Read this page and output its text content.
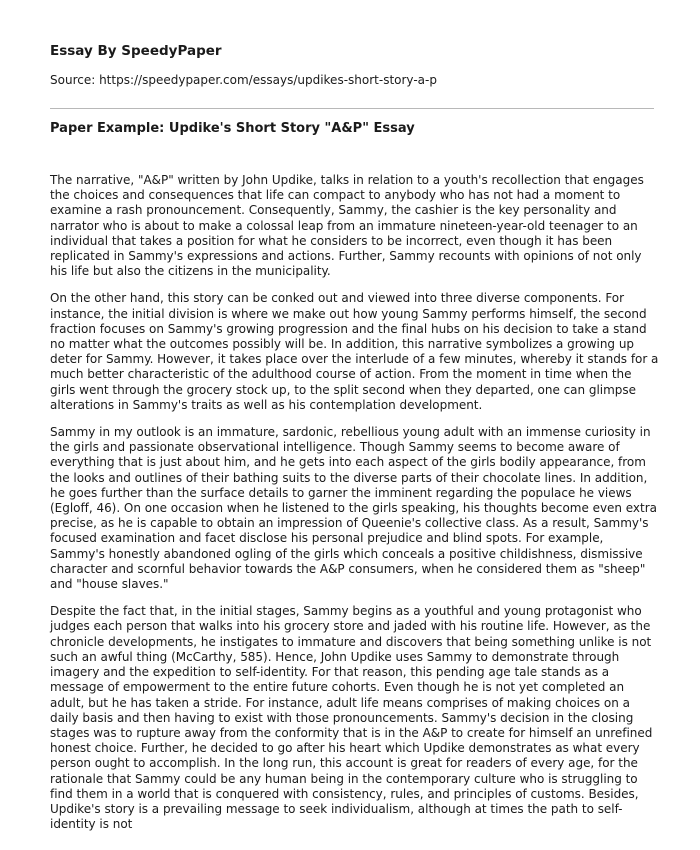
Essay By SpeedyPaper

Source: https://speedypaper.com/essays/updikes-short-story-a-p

Paper Example: Updike's Short Story "A&P" Essay

The narrative, "A&P" written by John Updike, talks in relation to a youth's recollection that engages the choices and consequences that life can compact to anybody who has not had a moment to examine a rash pronouncement. Consequently, Sammy, the cashier is the key personality and narrator who is about to make a colossal leap from an immature nineteen-year-old teenager to an individual that takes a position for what he considers to be incorrect, even though it has been replicated in Sammy's expressions and actions. Further, Sammy recounts with opinions of not only his life but also the citizens in the municipality.

On the other hand, this story can be conked out and viewed into three diverse components. For instance, the initial division is where we make out how young Sammy performs himself, the second fraction focuses on Sammy's growing progression and the final hubs on his decision to take a stand no matter what the outcomes possibly will be. In addition, this narrative symbolizes a growing up deter for Sammy. However, it takes place over the interlude of a few minutes, whereby it stands for a much better characteristic of the adulthood course of action. From the moment in time when the girls went through the grocery stock up, to the split second when they departed, one can glimpse alterations in Sammy's traits as well as his contemplation development.

Sammy in my outlook is an immature, sardonic, rebellious young adult with an immense curiosity in the girls and passionate observational intelligence. Though Sammy seems to become aware of everything that is just about him, and he gets into each aspect of the girls bodily appearance, from the looks and outlines of their bathing suits to the diverse parts of their chocolate lines. In addition, he goes further than the surface details to garner the imminent regarding the populace he views (Egloff, 46). On one occasion when he listened to the girls speaking, his thoughts become even extra precise, as he is capable to obtain an impression of Queenie's collective class. As a result, Sammy's focused examination and facet disclose his personal prejudice and blind spots. For example, Sammy's honestly abandoned ogling of the girls which conceals a positive childishness, dismissive character and scornful behavior towards the A&P consumers, when he considered them as "sheep" and "house slaves."

Despite the fact that, in the initial stages, Sammy begins as a youthful and young protagonist who judges each person that walks into his grocery store and jaded with his routine life. However, as the chronicle developments, he instigates to immature and discovers that being something unlike is not such an awful thing (McCarthy, 585). Hence, John Updike uses Sammy to demonstrate through imagery and the expedition to self-identity. For that reason, this pending age tale stands as a message of empowerment to the entire future cohorts. Even though he is not yet completed an adult, but he has taken a stride. For instance, adult life means comprises of making choices on a daily basis and then having to exist with those pronouncements. Sammy's decision in the closing stages was to rupture away from the conformity that is in the A&P to create for himself an unrefined honest choice. Further, he decided to go after his heart which Updike demonstrates as what every person ought to accomplish. In the long run, this account is great for readers of every age, for the rationale that Sammy could be any human being in the contemporary culture who is struggling to find them in a world that is conquered with consistency, rules, and principles of customs. Besides, Updike's story is a prevailing message to seek individualism, although at times the path to self-identity is not
